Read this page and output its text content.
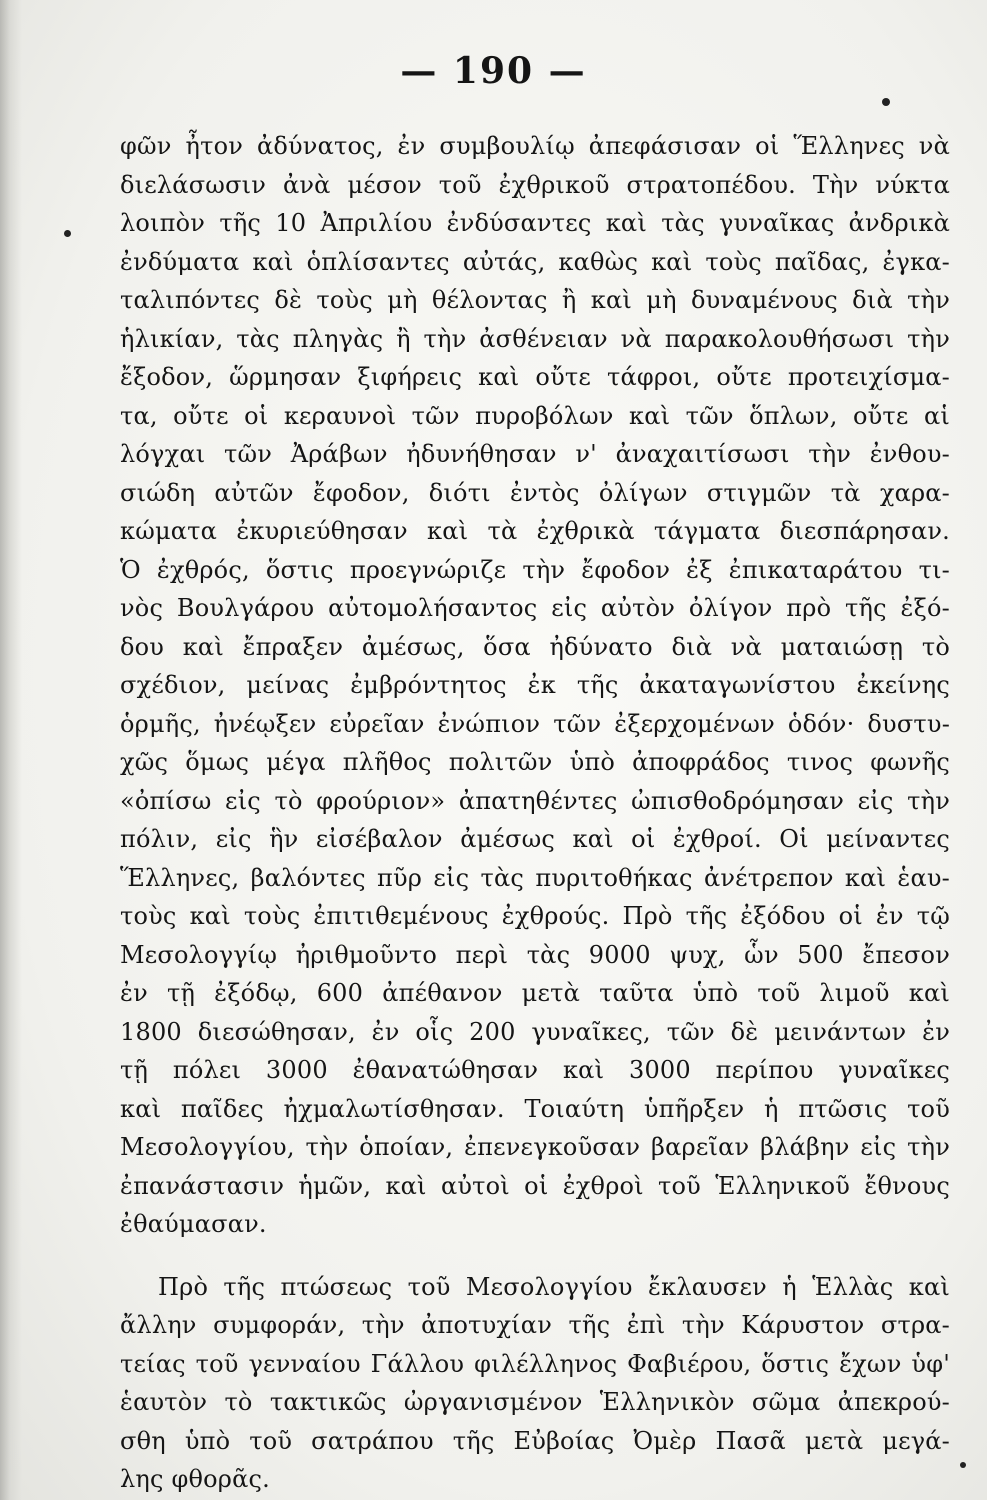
— 190 —
φῶν ἦτον ἀδύνατος, ἐν συμβουλίῳ ἀπεφάσισαν οἱ Ἕλληνες νὰ
διελάσωσιν ἀνὰ μέσον τοῦ ἐχθρικοῦ στρατοπέδου. Τὴν νύκτα
λοιπὸν τῆς 10 Ἀπριλίου ἐνδύσαντες καὶ τὰς γυναῖκας ἀνδρικὰ
ἐνδύματα καὶ ὁπλίσαντες αὐτάς, καθὼς καὶ τοὺς παῖδας, ἐγκα-
ταλιπόντες δὲ τοὺς μὴ θέλοντας ἢ καὶ μὴ δυναμένους διὰ τὴν
ἡλικίαν, τὰς πληγὰς ἢ τὴν ἀσθένειαν νὰ παρακολουθήσωσι τὴν
ἔξοδον, ὥρμησαν ξιφήρεις καὶ οὔτε τάφροι, οὔτε προτειχίσμα-
τα, οὔτε οἱ κεραυνοὶ τῶν πυροβόλων καὶ τῶν ὅπλων, οὔτε αἱ
λόγχαι τῶν Ἀράβων ἠδυνήθησαν ν' ἀναχαιτίσωσι τὴν ἐνθου-
σιώδη αὐτῶν ἔφοδον, διότι ἐντὸς ὀλίγων στιγμῶν τὰ χαρα-
κώματα ἐκυριεύθησαν καὶ τὰ ἐχθρικὰ τάγματα διεσπάρησαν.
Ὁ ἐχθρός, ὅστις προεγνώριζε τὴν ἔφοδον ἐξ ἐπικαταράτου τι-
νὸς Βουλγάρου αὐτομολήσαντος εἰς αὐτὸν ὀλίγον πρὸ τῆς ἐξό-
δου καὶ ἔπραξεν ἀμέσως, ὅσα ἠδύνατο διὰ νὰ ματαιώσῃ τὸ
σχέδιον, μείνας ἐμβρόντητος ἐκ τῆς ἀκαταγωνίστου ἐκείνης
ὁρμῆς, ἠνέῳξεν εὐρεῖαν ἐνώπιον τῶν ἐξερχομένων ὁδόν· δυστυ-
χῶς ὅμως μέγα πλῆθος πολιτῶν ὑπὸ ἀποφράδος τινος φωνῆς
«ὀπίσω εἰς τὸ φρούριον» ἀπατηθέντες ὠπισθοδρόμησαν εἰς τὴν
πόλιν, εἰς ἣν εἰσέβαλον ἀμέσως καὶ οἱ ἐχθροί. Οἱ μείναντες
Ἕλληνες, βαλόντες πῦρ εἰς τὰς πυριτοθήκας ἀνέτρεπον καὶ ἑαυ-
τοὺς καὶ τοὺς ἐπιτιθεμένους ἐχθρούς. Πρὸ τῆς ἐξόδου οἱ ἐν τῷ
Μεσολογγίῳ ἠριθμοῦντο περὶ τὰς 9000 ψυχ, ὧν 500 ἔπεσον
ἐν τῇ ἐξόδῳ, 600 ἀπέθανον μετὰ ταῦτα ὑπὸ τοῦ λιμοῦ καὶ
1800 διεσώθησαν, ἐν οἷς 200 γυναῖκες, τῶν δὲ μεινάντων ἐν
τῇ πόλει 3000 ἐθανατώθησαν καὶ 3000 περίπου γυναῖκες
καὶ παῖδες ἠχμαλωτίσθησαν. Τοιαύτη ὑπῆρξεν ἡ πτῶσις τοῦ
Μεσολογγίου, τὴν ὁποίαν, ἐπενεγκοῦσαν βαρεῖαν βλάβην εἰς τὴν
ἐπανάστασιν ἡμῶν, καὶ αὐτοὶ οἱ ἐχθροὶ τοῦ Ἑλληνικοῦ ἔθνους
ἐθαύμασαν.
Πρὸ τῆς πτώσεως τοῦ Μεσολογγίου ἔκλαυσεν ἡ Ἑλλὰς καὶ
ἄλλην συμφοράν, τὴν ἀποτυχίαν τῆς ἐπὶ τὴν Κάρυστον στρα-
τείας τοῦ γενναίου Γάλλου φιλέλληνος Φαβιέρου, ὅστις ἔχων ὑφ'
ἑαυτὸν τὸ τακτικῶς ὠργανισμένον Ἑλληνικὸν σῶμα ἀπεκρού-
σθη ὑπὸ τοῦ σατράπου τῆς Εὐβοίας Ὀμὲρ Πασᾶ μετὰ μεγά-
λης φθορᾶς.
